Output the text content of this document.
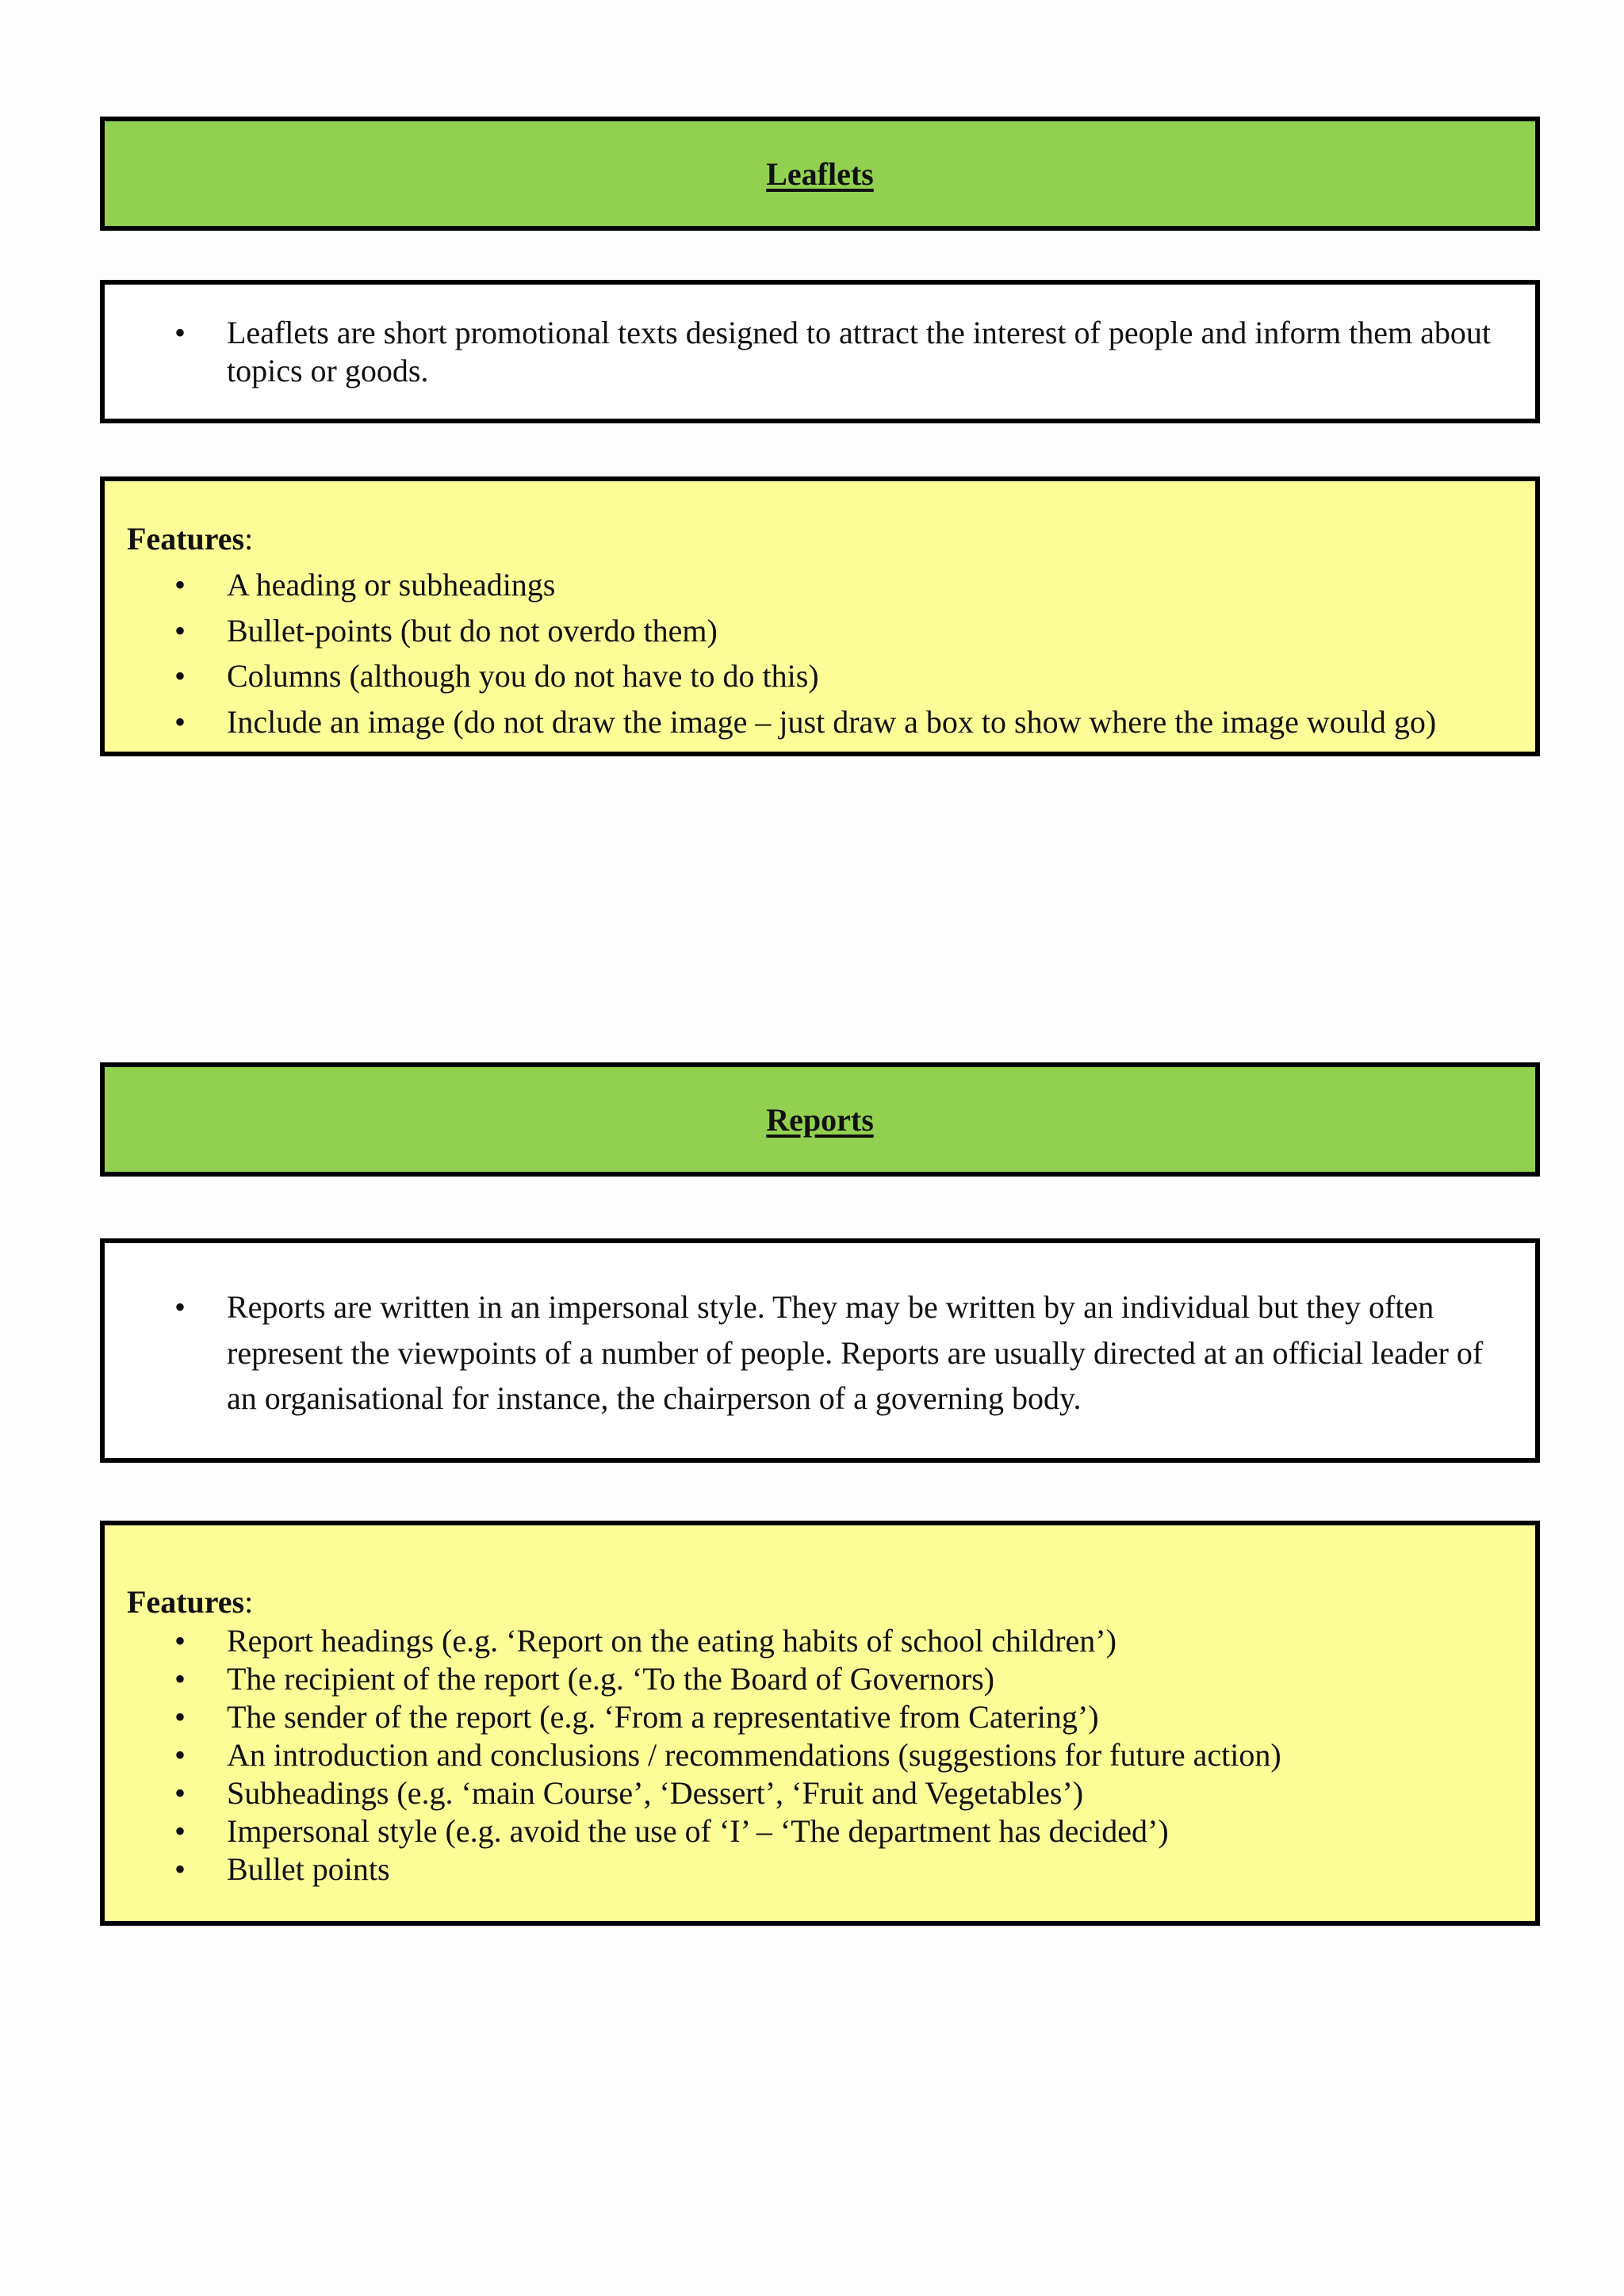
Leaflets
• Leaflets are short promotional texts designed to attract the interest of people and inform them about topics or goods.
Features:
• A heading or subheadings
• Bullet-points (but do not overdo them)
• Columns (although you do not have to do this)
• Include an image (do not draw the image – just draw a box to show where the image would go)
Reports
• Reports are written in an impersonal style. They may be written by an individual but they often represent the viewpoints of a number of people. Reports are usually directed at an official leader of an organisational for instance, the chairperson of a governing body.
Features:
• Report headings (e.g. ‘Report on the eating habits of school children’)
• The recipient of the report (e.g. ‘To the Board of Governors)
• The sender of the report (e.g. ‘From a representative from Catering’)
• An introduction and conclusions / recommendations (suggestions for future action)
• Subheadings (e.g. ‘main Course’, ‘Dessert’, ‘Fruit and Vegetables’)
• Impersonal style (e.g. avoid the use of ‘I’ – ‘The department has decided’)
• Bullet points
